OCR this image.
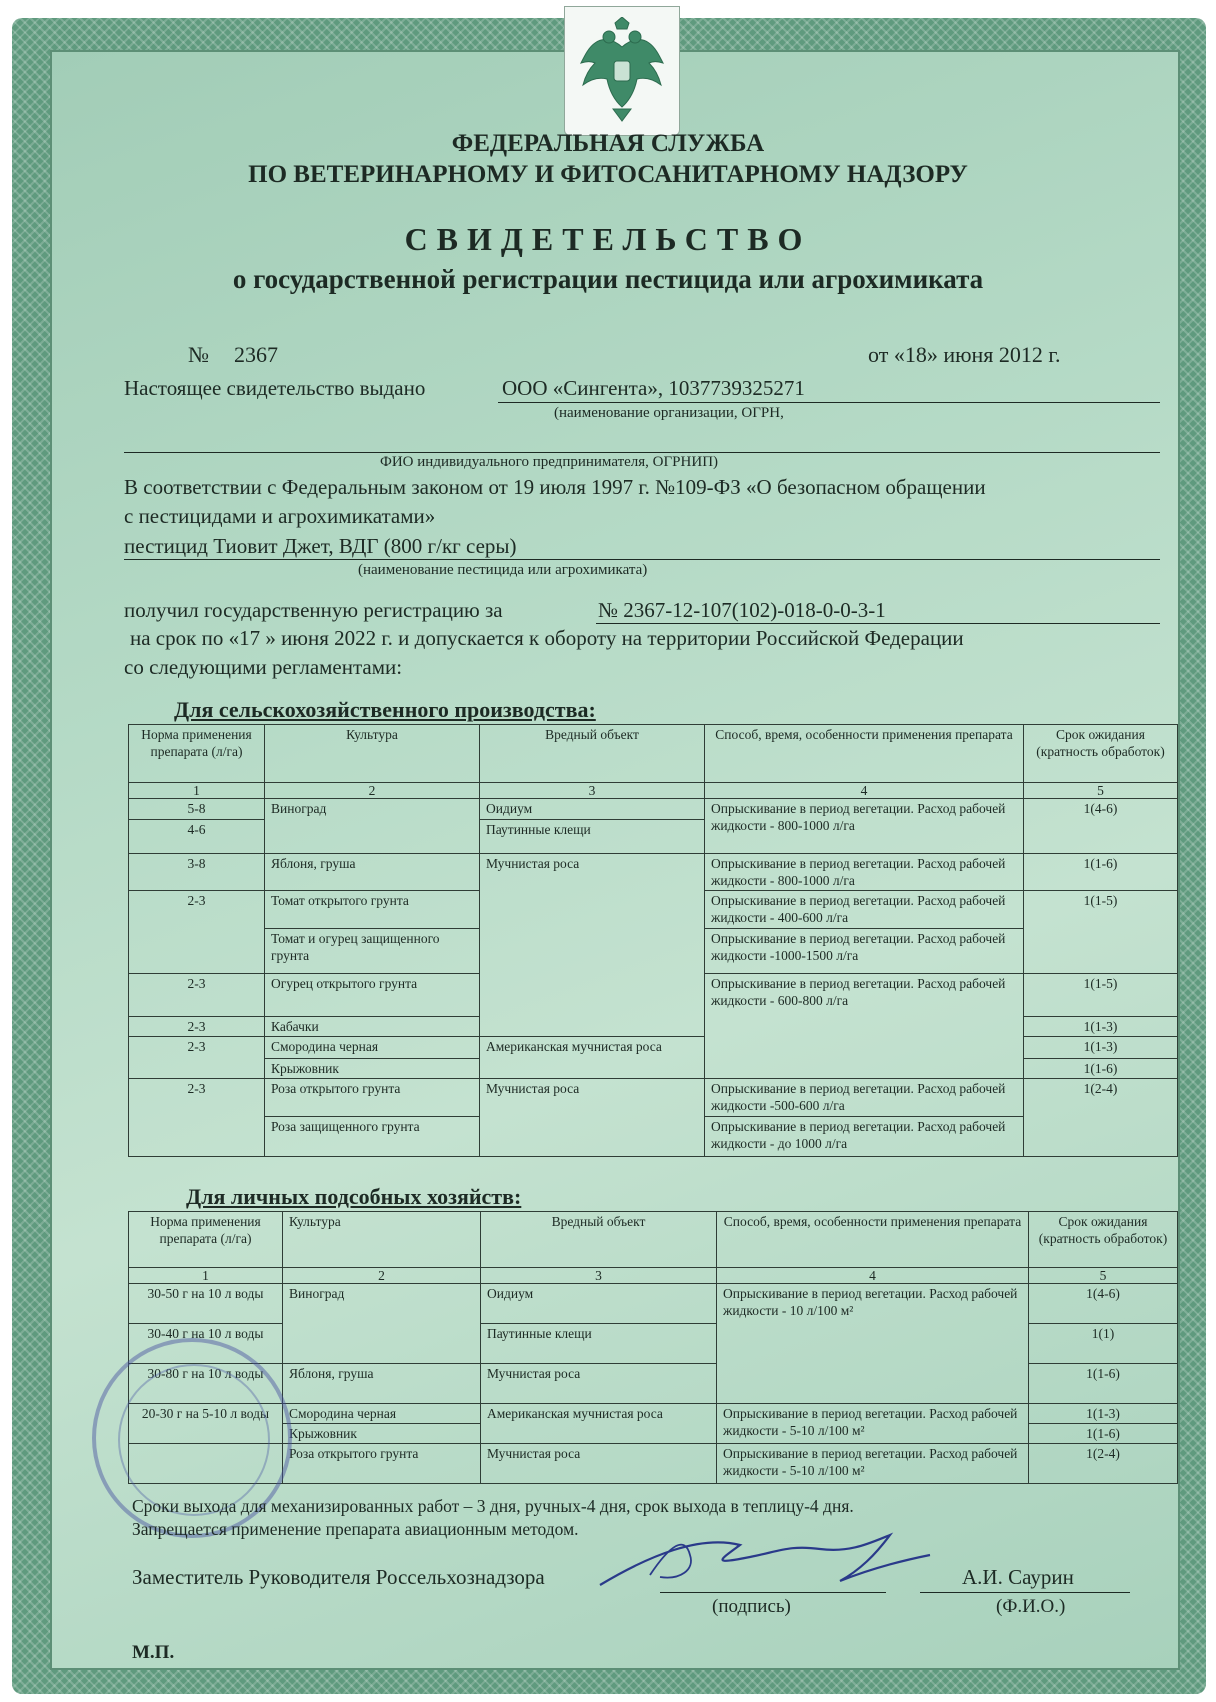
ФЕДЕРАЛЬНАЯ СЛУЖБА
ПО ВЕТЕРИНАРНОМУ И ФИТОСАНИТАРНОМУ НАДЗОРУ
СВИДЕТЕЛЬСТВО
о государственной регистрации пестицида или агрохимиката
№ 2367	от «18» июня 2012 г.
Настоящее свидетельство выдано	ООО «Сингента», 1037739325271
(наименование организации, ОГРН,
ФИО индивидуального предпринимателя, ОГРНИП)
В соответствии с Федеральным законом от 19 июля 1997 г. №109-ФЗ «О безопасном обращении
с пестицидами и агрохимикатами»
пестицид Тиовит Джет, ВДГ (800 г/кг серы)
(наименование пестицида или агрохимиката)
получил государственную регистрацию за	№ 2367-12-107(102)-018-0-0-3-1
на срок по «17 » июня 2022 г. и допускается к обороту на территории Российской Федерации
со следующими регламентами:
Для сельскохозяйственного производства:
Норма применения препарата (л/га)	Культура	Вредный объект	Способ, время, особенности применения препарата	Срок ожидания (кратность обработок)
1	2	3	4	5
5-8	Виноград	Оидиум	Опрыскивание в период вегетации. Расход рабочей жидкости - 800-1000 л/га	1(4-6)
4-6		Паутинные клещи		
3-8	Яблоня, груша	Мучнистая роса	Опрыскивание в период вегетации. Расход рабочей жидкости - 800-1000 л/га	1(1-6)
2-3	Томат открытого грунта		Опрыскивание в период вегетации. Расход рабочей жидкости - 400-600 л/га	1(1-5)
	Томат и огурец защищенного грунта		Опрыскивание в период вегетации. Расход рабочей жидкости -1000-1500 л/га	
2-3	Огурец открытого грунта		Опрыскивание в период вегетации. Расход рабочей жидкости - 600-800 л/га	1(1-5)
2-3	Кабачки			1(1-3)
2-3	Смородина черная	Американская мучнистая роса		1(1-3)
	Крыжовник			1(1-6)
2-3	Роза открытого грунта	Мучнистая роса	Опрыскивание в период вегетации. Расход рабочей жидкости -500-600 л/га	1(2-4)
	Роза защищенного грунта		Опрыскивание в период вегетации. Расход рабочей жидкости - до 1000 л/га	
Для личных подсобных хозяйств:
Норма применения препарата (л/га)	Культура	Вредный объект	Способ, время, особенности применения препарата	Срок ожидания (кратность обработок)
1	2	3	4	5
30-50 г на 10 л воды	Виноград	Оидиум	Опрыскивание в период вегетации. Расход рабочей жидкости - 10 л/100 м²	1(4-6)
30-40 г на 10 л воды		Паутинные клещи		1(1)
30-80 г на 10 л воды	Яблоня, груша	Мучнистая роса		1(1-6)
20-30 г на 5-10 л воды	Смородина черная	Американская мучнистая роса	Опрыскивание в период вегетации. Расход рабочей жидкости - 5-10 л/100 м²	1(1-3)
	Крыжовник			1(1-6)
	Роза открытого грунта	Мучнистая роса	Опрыскивание в период вегетации. Расход рабочей жидкости - 5-10 л/100 м²	1(2-4)
Сроки выхода для механизированных работ – 3 дня, ручных-4 дня, срок выхода в теплицу-4 дня.
Запрещается применение препарата авиационным методом.
Заместитель Руководителя Россельхознадзора
(подпись)
А.И. Саурин
(Ф.И.О.)
М.П.
